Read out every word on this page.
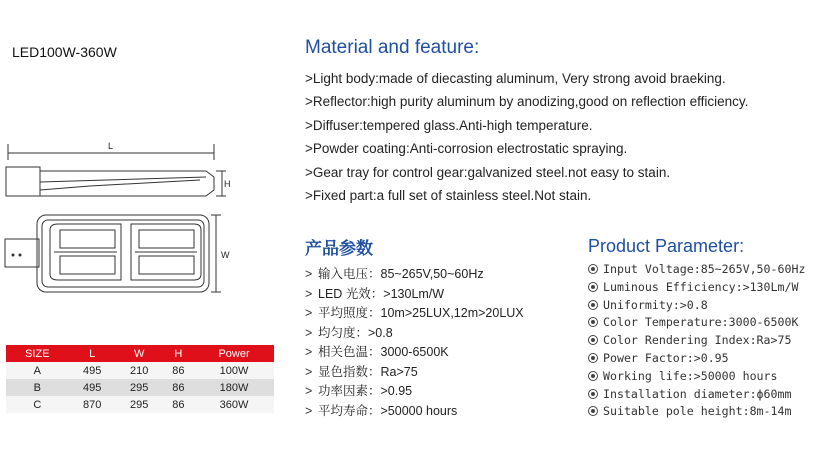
LED100W-360W
L
H
W
SIZE	L	W	H	Power
A	495	210	86	100W
B	495	295	86	180W
C	870	295	86	360W
Material and feature:
>Light body:made of diecasting aluminum, Very strong avoid braeking.
>Reflector:high purity aluminum by anodizing,good on reflection efficiency.
>Diffuser:tempered glass.Anti-high temperature.
>Powder coating:Anti-corrosion electrostatic spraying.
>Gear tray for control gear:galvanized steel.not easy to stain.
>Fixed part:a full set of stainless steel.Not stain.
产品参数
> 输入电压：85~265V,50~60Hz
> LED 光效：>130Lm/W
> 平均照度：10m>25LUX,12m>20LUX
> 均匀度：>0.8
> 相关色温：3000-6500K
> 显色指数：Ra>75
> 功率因素：>0.95
> 平均寿命：>50000 hours
Product Parameter:
Input Voltage:85~265V,50-60Hz
Luminous Efficiency:>130Lm/W
Uniformity:>0.8
Color Temperature:3000-6500K
Color Rendering Index:Ra>75
Power Factor:>0.95
Working life:>50000 hours
Installation diameter:ϕ60mm
Suitable pole height:8m-14m
